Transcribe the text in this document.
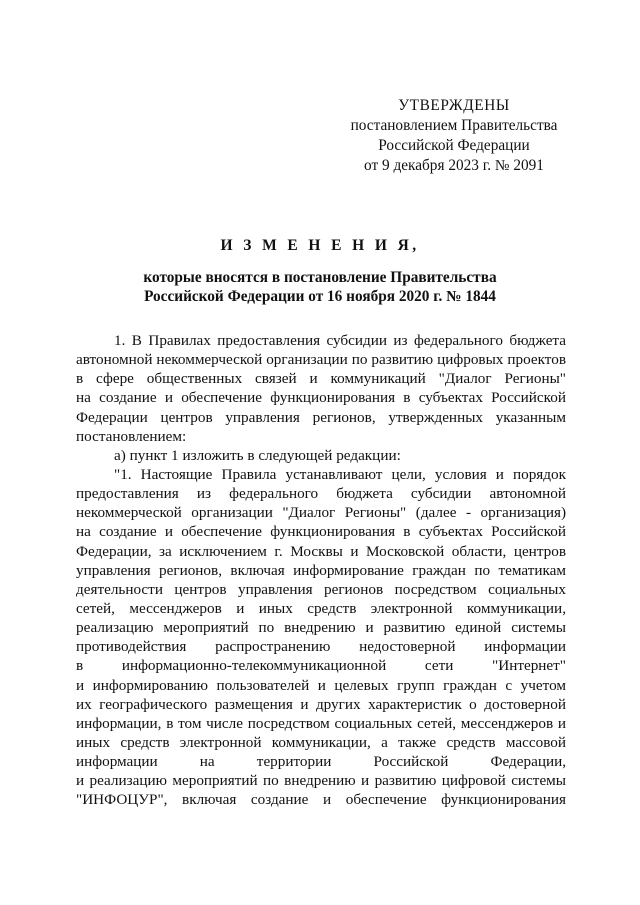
УТВЕРЖДЕНЫ
постановлением Правительства
Российской Федерации
от 9 декабря 2023 г. № 2091
И З М Е Н Е Н И Я,
которые вносятся в постановление Правительства
Российской Федерации от 16 ноября 2020 г. № 1844
1. В Правилах предоставления субсидии из федерального бюджета
автономной некоммерческой организации по развитию цифровых проектов
в сфере общественных связей и коммуникаций "Диалог Регионы"
на создание и обеспечение функционирования в субъектах Российской
Федерации центров управления регионов, утвержденных указанным
постановлением:
а) пункт 1 изложить в следующей редакции:
"1. Настоящие Правила устанавливают цели, условия и порядок
предоставления из федерального бюджета субсидии автономной
некоммерческой организации "Диалог Регионы" (далее - организация)
на создание и обеспечение функционирования в субъектах Российской
Федерации, за исключением г. Москвы и Московской области, центров
управления регионов, включая информирование граждан по тематикам
деятельности центров управления регионов посредством социальных
сетей, мессенджеров и иных средств электронной коммуникации,
реализацию мероприятий по внедрению и развитию единой системы
противодействия распространению недостоверной информации
в информационно-телекоммуникационной сети "Интернет"
и информированию пользователей и целевых групп граждан с учетом
их географического размещения и других характеристик о достоверной
информации, в том числе посредством социальных сетей, мессенджеров и
иных средств электронной коммуникации, а также средств массовой
информации на территории Российской Федерации,
и реализацию мероприятий по внедрению и развитию цифровой системы
"ИНФОЦУР", включая создание и обеспечение функционирования
